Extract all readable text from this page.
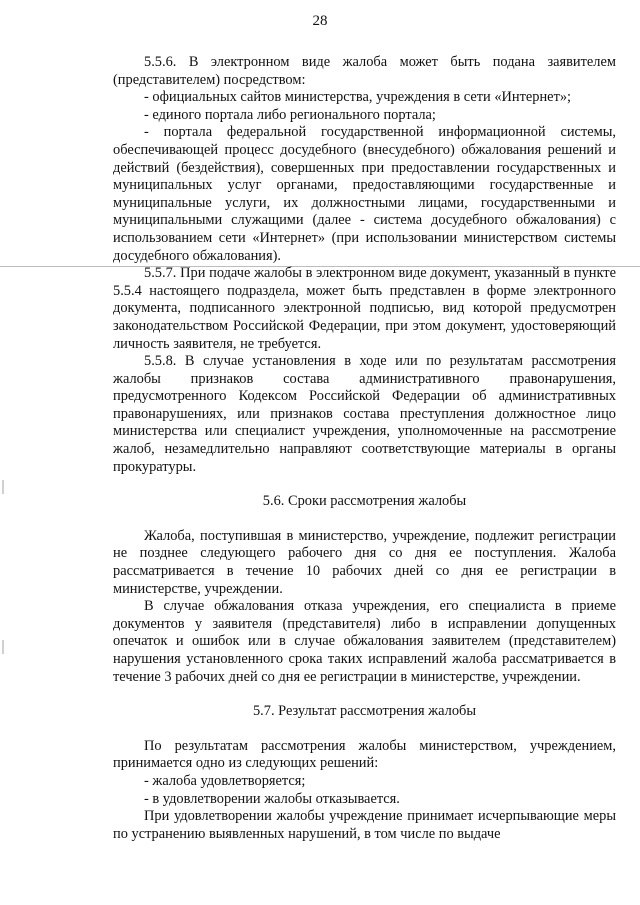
28

5.5.6. В электронном виде жалоба может быть подана заявителем (представителем) посредством:

- официальных сайтов министерства, учреждения в сети «Интернет»;

- единого портала либо регионального портала;

- портала федеральной государственной информационной системы, обеспечивающей процесс досудебного (внесудебного) обжалования решений и действий (бездействия), совершенных при предоставлении государственных и муниципальных услуг органами, предоставляющими государственные и муниципальные услуги, их должностными лицами, государственными и муниципальными служащими (далее - система досудебного обжалования) с использованием сети «Интернет» (при использовании министерством системы досудебного обжалования).

5.5.7. При подаче жалобы в электронном виде документ, указанный в пункте 5.5.4 настоящего подраздела, может быть представлен в форме электронного документа, подписанного электронной подписью, вид которой предусмотрен законодательством Российской Федерации, при этом документ, удостоверяющий личность заявителя, не требуется.

5.5.8. В случае установления в ходе или по результатам рассмотрения жалобы признаков состава административного правонарушения, предусмотренного Кодексом Российской Федерации об административных правонарушениях, или признаков состава преступления должностное лицо министерства или специалист учреждения, уполномоченные на рассмотрение жалоб, незамедлительно направляют соответствующие материалы в органы прокуратуры.

5.6. Сроки рассмотрения жалобы

Жалоба, поступившая в министерство, учреждение, подлежит регистрации не позднее следующего рабочего дня со дня ее поступления. Жалоба рассматривается в течение 10 рабочих дней со дня ее регистрации в министерстве, учреждении.

В случае обжалования отказа учреждения, его специалиста в приеме документов у заявителя (представителя) либо в исправлении допущенных опечаток и ошибок или в случае обжалования заявителем (представителем) нарушения установленного срока таких исправлений жалоба рассматривается в течение 3 рабочих дней со дня ее регистрации в министерстве, учреждении.

5.7. Результат рассмотрения жалобы

По результатам рассмотрения жалобы министерством, учреждением, принимается одно из следующих решений:

- жалоба удовлетворяется;

- в удовлетворении жалобы отказывается.

При удовлетворении жалобы учреждение принимает исчерпывающие меры по устранению выявленных нарушений, в том числе по выдаче
